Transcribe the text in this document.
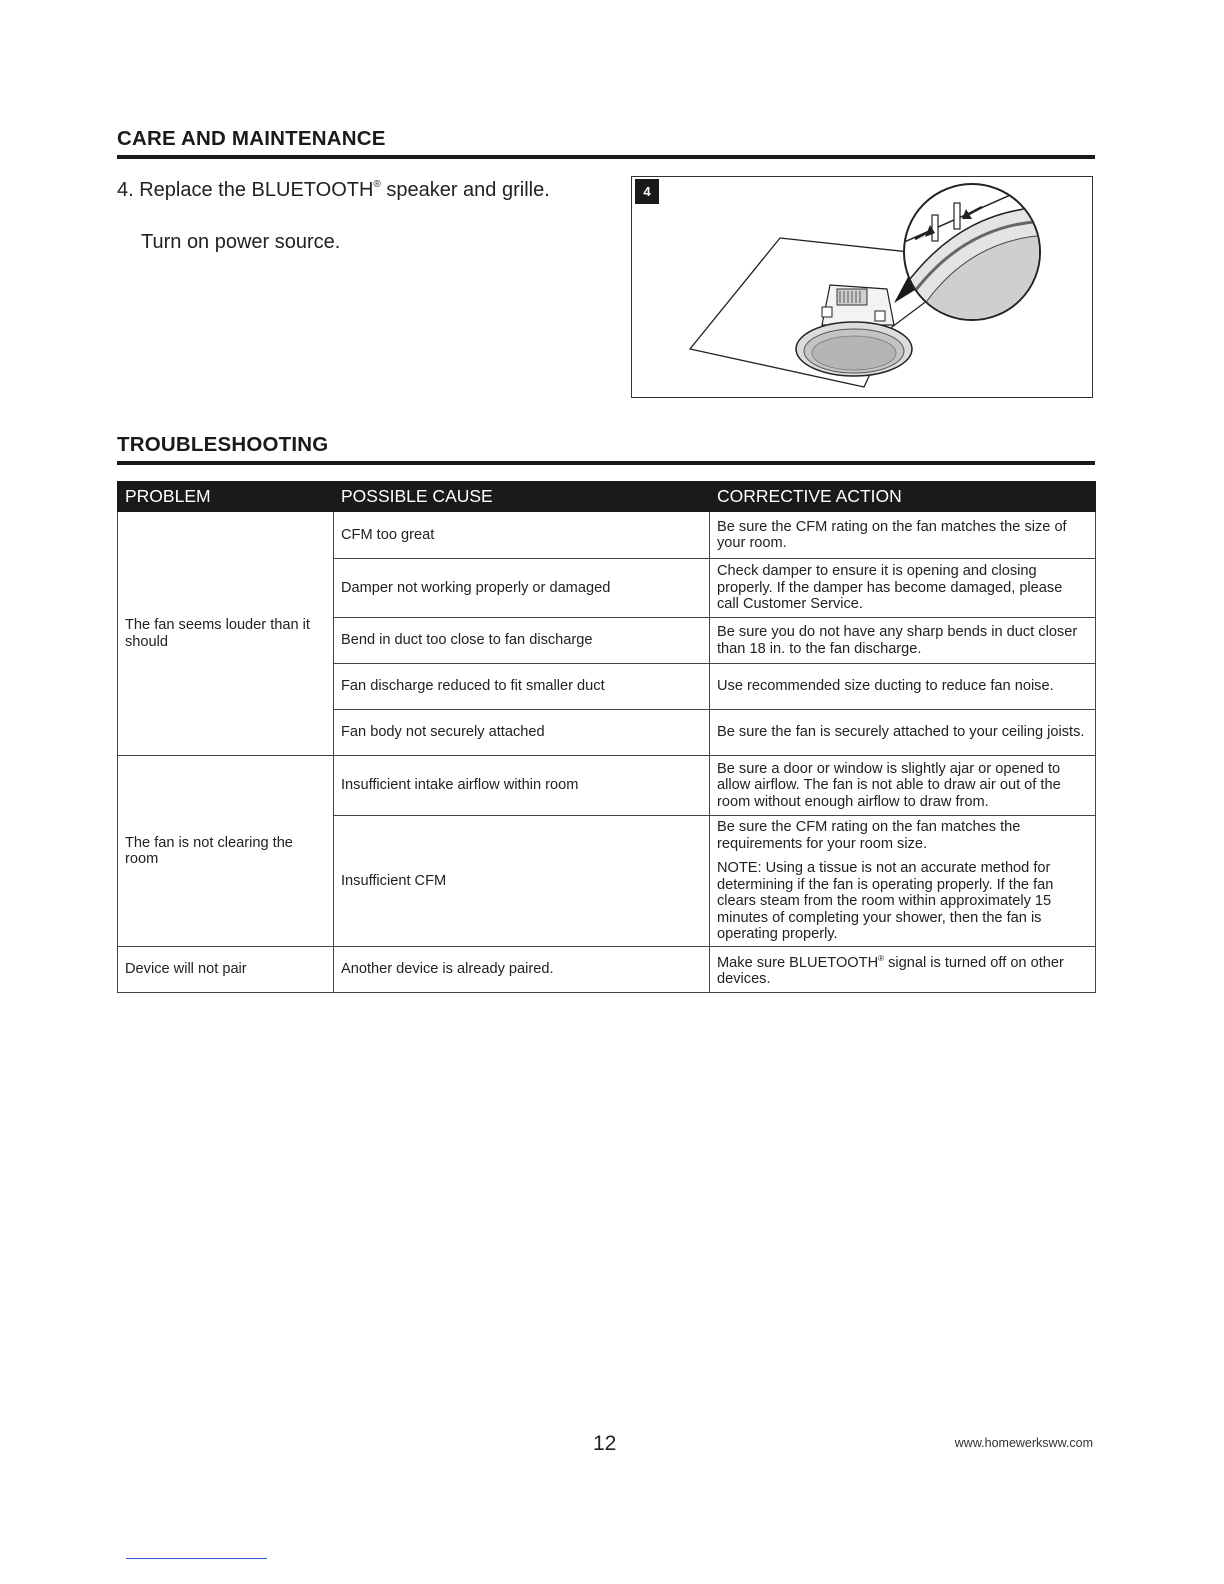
CARE AND MAINTENANCE
4. Replace the BLUETOOTH® speaker and grille.
Turn on power source.
4
TROUBLESHOOTING
PROBLEM	POSSIBLE CAUSE	CORRECTIVE ACTION
The fan seems louder than it should	CFM too great	Be sure the CFM rating on the fan matches the size of your room.
	Damper not working properly or damaged	Check damper to ensure it is opening and closing properly. If the damper has become damaged, please call Customer Service.
	Bend in duct too close to fan discharge	Be sure you do not have any sharp bends in duct closer than 18 in. to the fan discharge.
	Fan discharge reduced to fit smaller duct	Use recommended size ducting to reduce fan noise.
	Fan body not securely attached	Be sure the fan is securely attached to your ceiling joists.
The fan is not clearing the room	Insufficient intake airflow within room	Be sure a door or window is slightly ajar or opened to allow airflow. The fan is not able to draw air out of the room without enough airflow to draw from.
	Insufficient CFM	Be sure the CFM rating on the fan matches the requirements for your room size.
NOTE: Using a tissue is not an accurate method for determining if the fan is operating properly. If the fan clears steam from the room within approximately 15 minutes of completing your shower, then the fan is operating properly.

Device will not pair	Another device is already paired.	Make sure BLUETOOTH® signal is turned off on other devices.
12	www.homewerksww.com
